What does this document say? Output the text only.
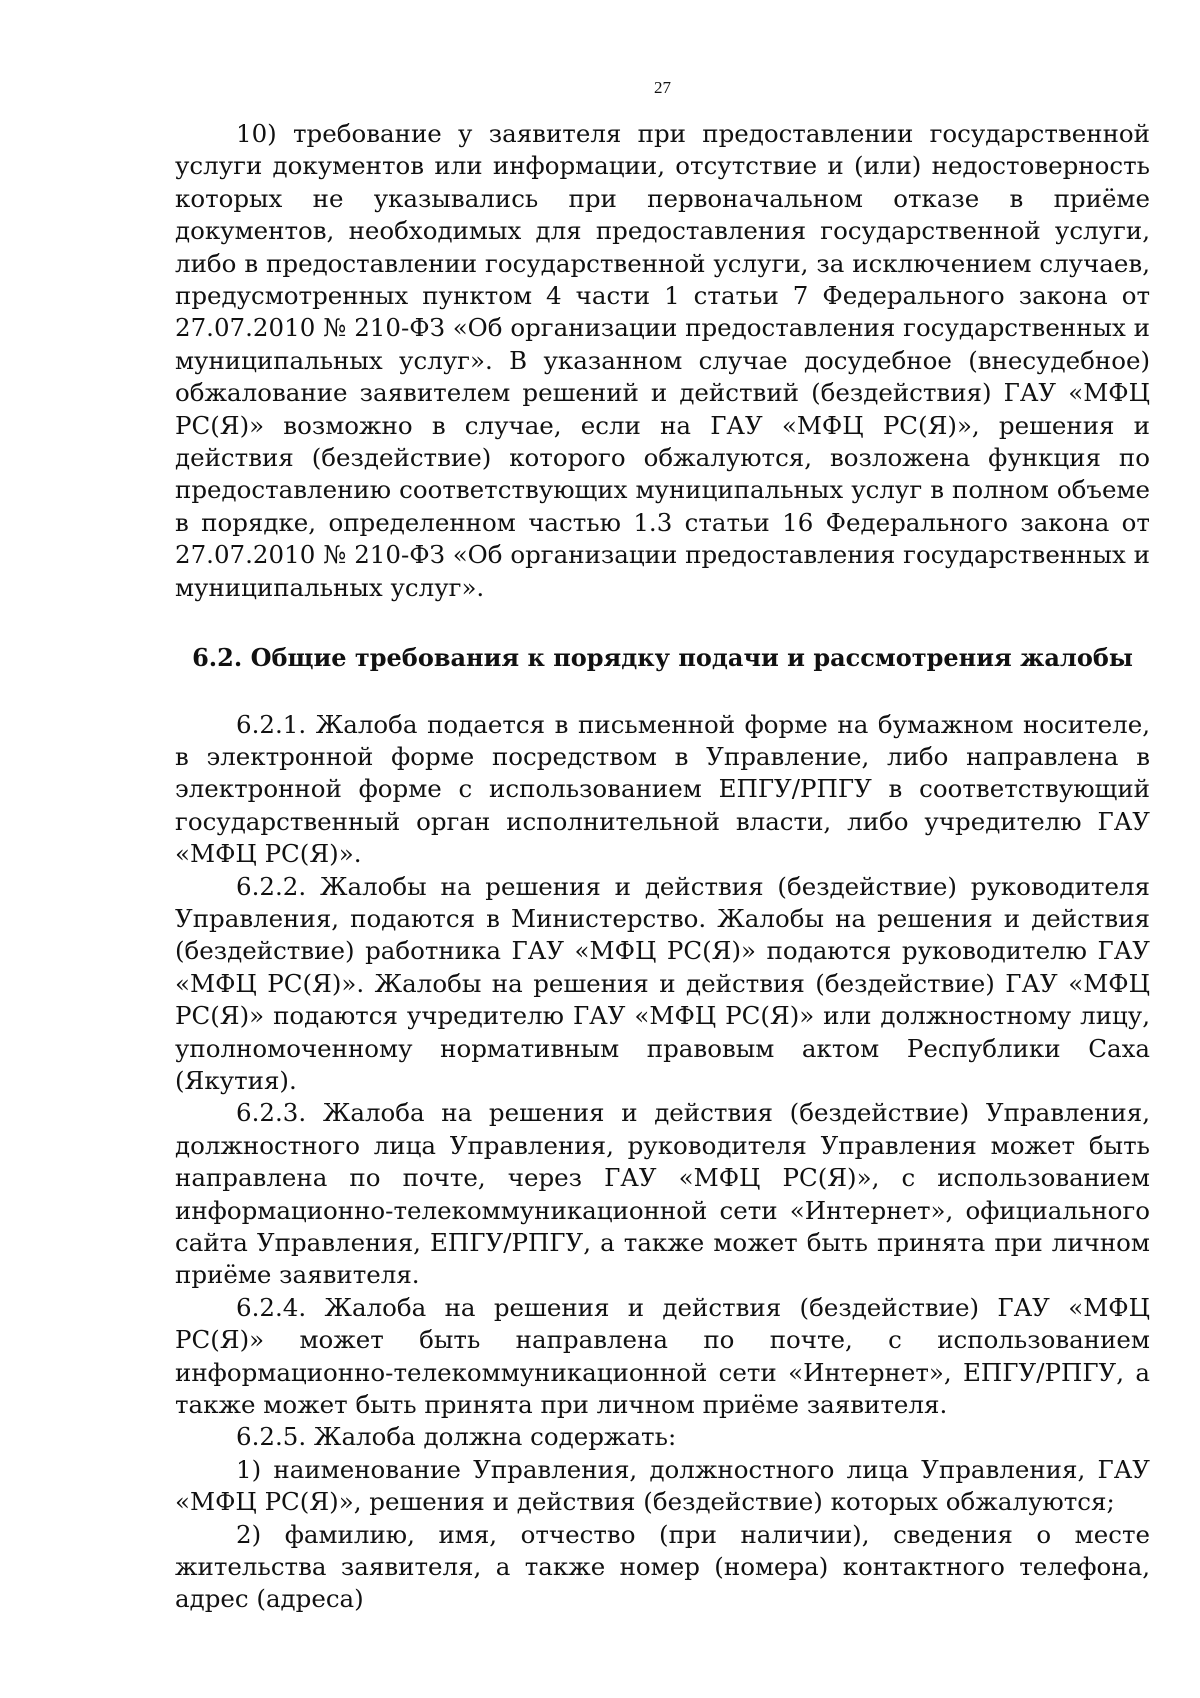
27

10) требование у заявителя при предоставлении государственной услуги документов или информации, отсутствие и (или) недостоверность которых не указывались при первоначальном отказе в приёме документов, необходимых для предоставления государственной услуги, либо в предоставлении государственной услуги, за исключением случаев, предусмотренных пунктом 4 части 1 статьи 7 Федерального закона от 27.07.2010 № 210-ФЗ «Об организации предоставления государственных и муниципальных услуг». В указанном случае досудебное (внесудебное) обжалование заявителем решений и действий (бездействия) ГАУ «МФЦ РС(Я)» возможно в случае, если на ГАУ «МФЦ РС(Я)», решения и действия (бездействие) которого обжалуются, возложена функция по предоставлению соответствующих муниципальных услуг в полном объеме в порядке, определенном частью 1.3 статьи 16 Федерального закона от 27.07.2010 № 210-ФЗ «Об организации предоставления государственных и муниципальных услуг».

6.2. Общие требования к порядку подачи и рассмотрения жалобы

6.2.1. Жалоба подается в письменной форме на бумажном носителе, в электронной форме посредством в Управление, либо направлена в электронной форме с использованием ЕПГУ/РПГУ в соответствующий государственный орган исполнительной власти, либо учредителю ГАУ «МФЦ РС(Я)».

6.2.2. Жалобы на решения и действия (бездействие) руководителя Управления, подаются в Министерство. Жалобы на решения и действия (бездействие) работника ГАУ «МФЦ РС(Я)» подаются руководителю ГАУ «МФЦ РС(Я)». Жалобы на решения и действия (бездействие) ГАУ «МФЦ РС(Я)» подаются учредителю ГАУ «МФЦ РС(Я)» или должностному лицу, уполномоченному нормативным правовым актом Республики Саха (Якутия).

6.2.3. Жалоба на решения и действия (бездействие) Управления, должностного лица Управления, руководителя Управления может быть направлена по почте, через ГАУ «МФЦ РС(Я)», с использованием информационно-телекоммуникационной сети «Интернет», официального сайта Управления, ЕПГУ/РПГУ, а также может быть принята при личном приёме заявителя.

6.2.4. Жалоба на решения и действия (бездействие) ГАУ «МФЦ РС(Я)» может быть направлена по почте, с использованием информационно-телекоммуникационной сети «Интернет», ЕПГУ/РПГУ, а также может быть принята при личном приёме заявителя.

6.2.5. Жалоба должна содержать:

1) наименование Управления, должностного лица Управления, ГАУ «МФЦ РС(Я)», решения и действия (бездействие) которых обжалуются;

2) фамилию, имя, отчество (при наличии), сведения о месте жительства заявителя, а также номер (номера) контактного телефона, адрес (адреса)
